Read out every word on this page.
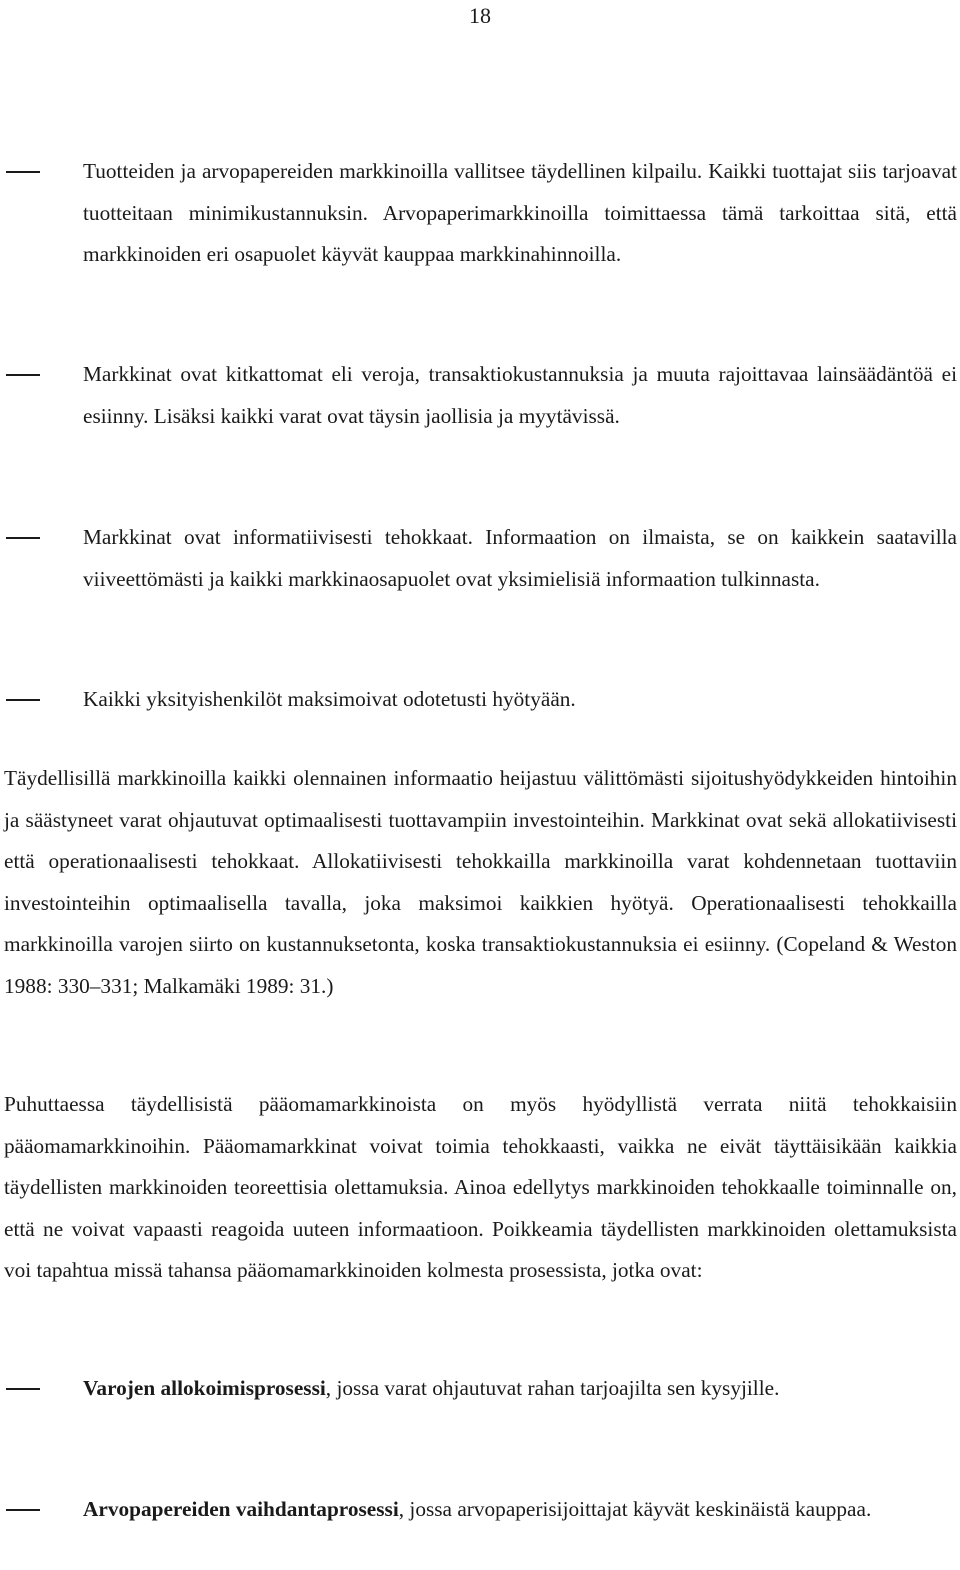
18
Tuotteiden ja arvopapereiden markkinoilla vallitsee täydellinen kilpailu. Kaikki tuottajat siis tarjoavat tuotteitaan minimikustannuksin. Arvopaperimarkkinoilla toimittaessa tämä tarkoittaa sitä, että markkinoiden eri osapuolet käyvät kauppaa markkinahinnoilla.
Markkinat ovat kitkattomat eli veroja, transaktiokustannuksia ja muuta rajoittavaa lainsäädäntöä ei esiinny. Lisäksi kaikki varat ovat täysin jaollisia ja myytävissä.
Markkinat ovat informatiivisesti tehokkaat. Informaation on ilmaista, se on kaikkein saatavilla viiveettömästi ja kaikki markkinaosapuolet ovat yksimielisiä informaation tulkinnasta.
Kaikki yksityishenkilöt maksimoivat odotetusti hyötyään.
Täydellisillä markkinoilla kaikki olennainen informaatio heijastuu välittömästi sijoitushyödykkeiden hintoihin ja säästyneet varat ohjautuvat optimaalisesti tuottavampiin investointeihin. Markkinat ovat sekä allokatiivisesti että operationaalisesti tehokkaat. Allokatiivisesti tehokkailla markkinoilla varat kohdennetaan tuottaviin investointeihin optimaalisella tavalla, joka maksimoi kaikkien hyötyä. Operationaalisesti tehokkailla markkinoilla varojen siirto on kustannuksetonta, koska transaktiokustannuksia ei esiinny. (Copeland & Weston 1988: 330–331; Malkamäki 1989: 31.)
Puhuttaessa täydellisistä pääomamarkkinoista on myös hyödyllistä verrata niitä tehokkaisiin pääomamarkkinoihin. Pääomamarkkinat voivat toimia tehokkaasti, vaikka ne eivät täyttäisikään kaikkia täydellisten markkinoiden teoreettisia olettamuksia. Ainoa edellytys markkinoiden tehokkaalle toiminnalle on, että ne voivat vapaasti reagoida uuteen informaatioon. Poikkeamia täydellisten markkinoiden olettamuksista voi tapahtua missä tahansa pääomamarkkinoiden kolmesta prosessista, jotka ovat:
Varojen allokoimisprosessi, jossa varat ohjautuvat rahan tarjoajilta sen kysyjille.
Arvopapereiden vaihdantaprosessi, jossa arvopaperisijoittajat käyvät keskinäistä kauppaa.
